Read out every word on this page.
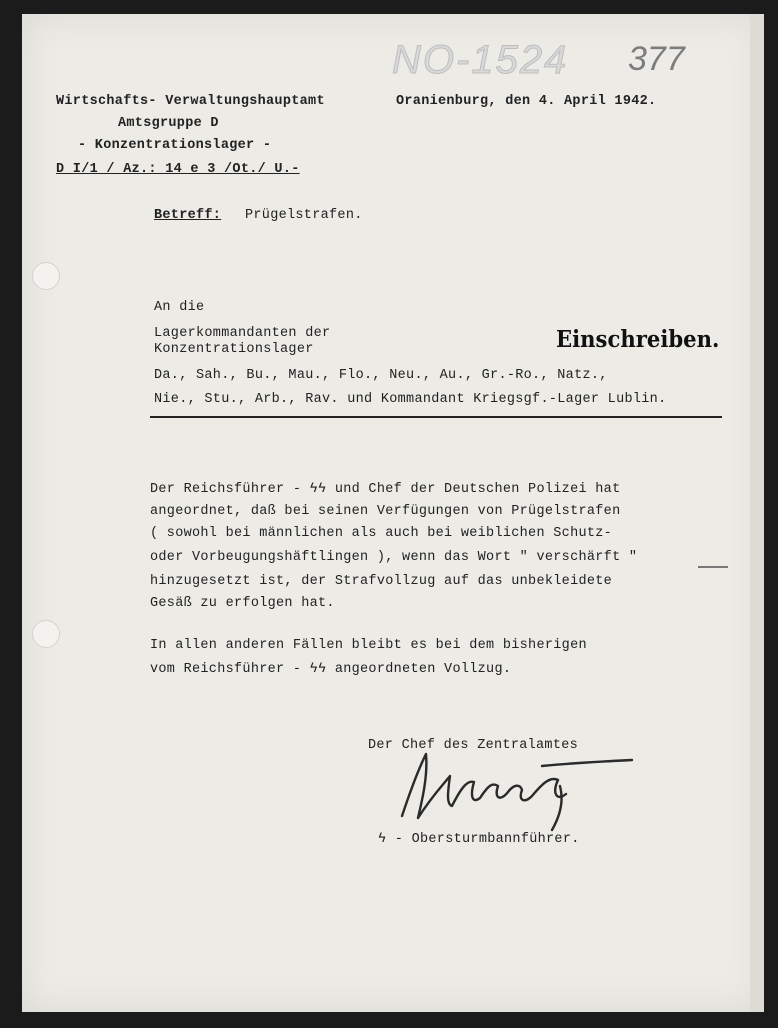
NO-1524 377
Wirtschafts- Verwaltungshauptamt
Amtsgruppe D
- Konzentrationslager -
D I/1 / Az.: 14 e 3 /Ot./ U.-
Oranienburg, den 4. April 1942.
Betreff: Prügelstrafen.
An die
Lagerkommandanten der
Konzentrationslager
Da., Sah., Bu., Mau., Flo., Neu., Au., Gr.-Ro., Natz.,
Nie., Stu., Arb., Rav. und Kommandant Kriegsgf.-Lager Lublin.
Einschreiben.
Der Reichsführer - ϟϟ und Chef der Deutschen Polizei hat
angeordnet, daß bei seinen Verfügungen von Prügelstrafen
( sowohl bei männlichen als auch bei weiblichen Schutz-
oder Vorbeugungshäftlingen ), wenn das Wort " verschärft "
hinzugesetzt ist, der Strafvollzug auf das unbekleidete
Gesäß zu erfolgen hat.
In allen anderen Fällen bleibt es bei dem bisherigen
vom Reichsführer - ϟϟ angeordneten Vollzug.
Der Chef des Zentralamtes
ϟ - Obersturmbannführer.
